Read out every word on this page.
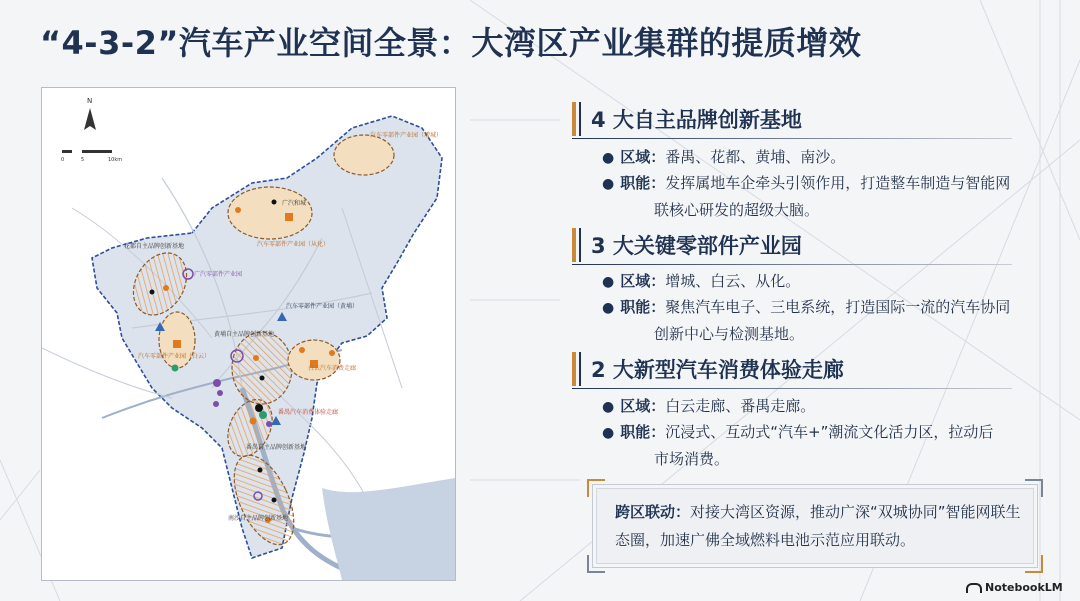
“4-3-2”汽车产业空间全景：大湾区产业集群的提质增效
N
0	5	10km
汽车零部件产业园（增城）
广汽和城
汽车零部件产业园（从化）
花都自主品牌创新基地
广汽零部件产业园
汽车零部件产业园（黄埔）
黄埔自主品牌创新基地
汽车零部件产业园（白云）
白云汽车消费走廊
番禺汽车消费体验走廊
番禺自主品牌创新基地
南沙自主品牌创新基地
4 大自主品牌创新基地
● 区域：番禺、花都、黄埔、南沙。
● 职能：发挥属地车企牵头引领作用，打造整车制造与智能网
联核心研发的超级大脑。
3 大关键零部件产业园
● 区域：增城、白云、从化。
● 职能：聚焦汽车电子、三电系统，打造国际一流的汽车协同
创新中心与检测基地。
2 大新型汽车消费体验走廊
● 区域：白云走廊、番禺走廊。
● 职能：沉浸式、互动式“汽车+”潮流文化活力区，拉动后
市场消费。
跨区联动：对接大湾区资源，推动广深“双城协同”智能网联生态圈，加速广佛全域燃料电池示范应用联动。
NotebookLM
